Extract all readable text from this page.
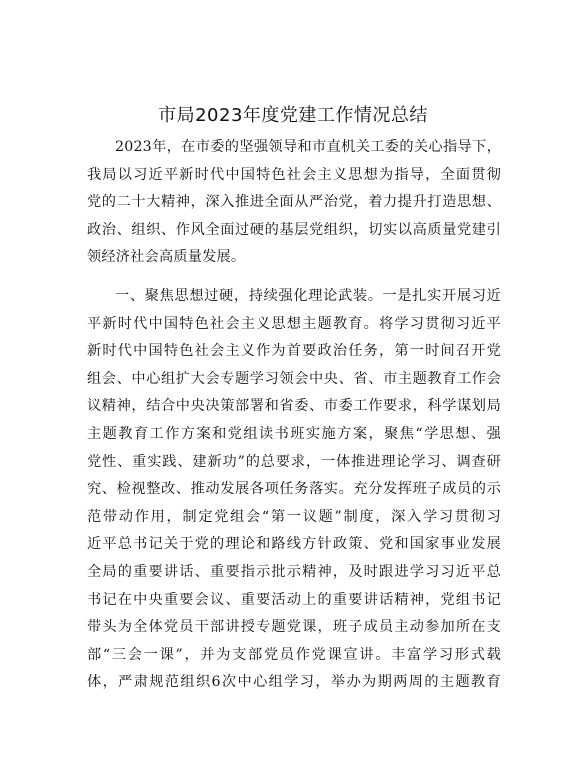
市局2023年度党建工作情况总结
2023年，在市委的坚强领导和市直机关工委的关心指导下，
我局以习近平新时代中国特色社会主义思想为指导，全面贯彻
党的二十大精神，深入推进全面从严治党，着力提升打造思想、
政治、组织、作风全面过硬的基层党组织，切实以高质量党建引
领经济社会高质量发展。
一、聚焦思想过硬，持续强化理论武装。一是扎实开展习近
平新时代中国特色社会主义思想主题教育。将学习贯彻习近平
新时代中国特色社会主义作为首要政治任务，第一时间召开党
组会、中心组扩大会专题学习领会中央、省、市主题教育工作会
议精神，结合中央决策部署和省委、市委工作要求，科学谋划局
主题教育工作方案和党组读书班实施方案，聚焦“学思想、强
党性、重实践、建新功”的总要求，一体推进理论学习、调查研
究、检视整改、推动发展各项任务落实。充分发挥班子成员的示
范带动作用，制定党组会“第一议题”制度，深入学习贯彻习
近平总书记关于党的理论和路线方针政策、党和国家事业发展
全局的重要讲话、重要指示批示精神，及时跟进学习习近平总
书记在中央重要会议、重要活动上的重要讲话精神，党组书记
带头为全体党员干部讲授专题党课，班子成员主动参加所在支
部“三会一课”，并为支部党员作党课宣讲。丰富学习形式载
体，严肃规范组织6次中心组学习，举办为期两周的主题教育
